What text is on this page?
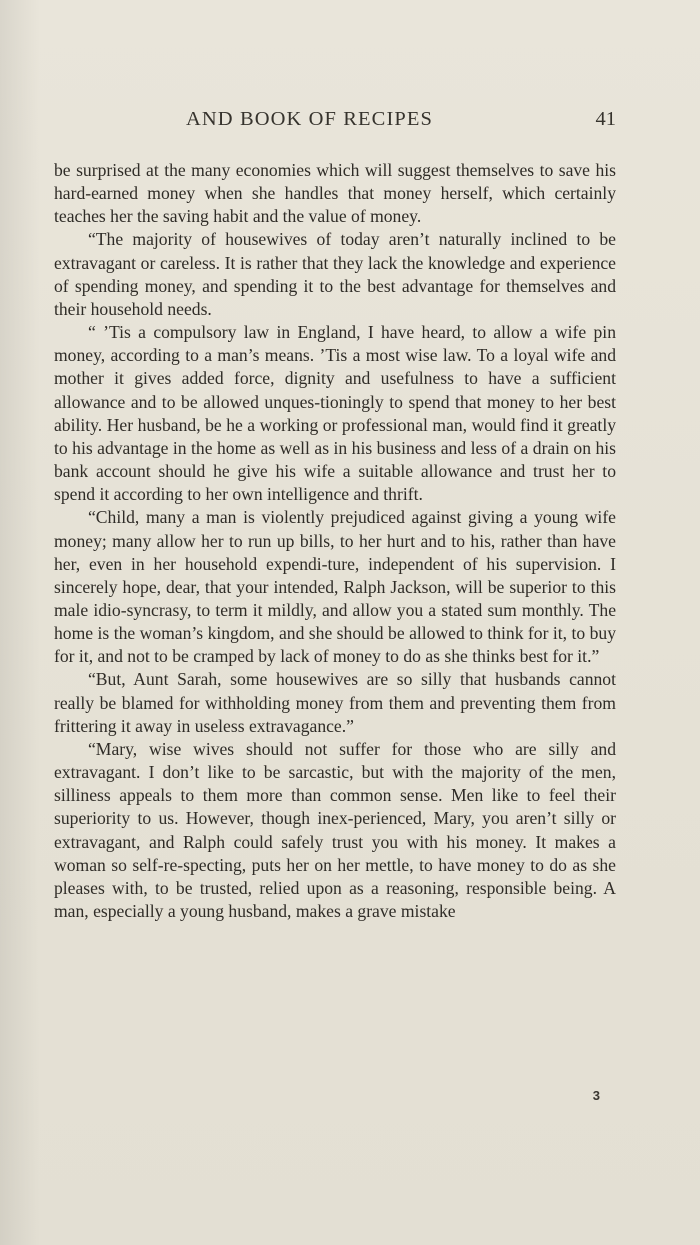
AND BOOK OF RECIPES	41

be surprised at the many economies which will suggest themselves to save his hard-earned money when she handles that money herself, which certainly teaches her the saving habit and the value of money.

“The majority of housewives of today aren’t naturally inclined to be extravagant or careless. It is rather that they lack the knowledge and experience of spending money, and spending it to the best advantage for themselves and their household needs.

“ ’Tis a compulsory law in England, I have heard, to allow a wife pin money, according to a man’s means. ’Tis a most wise law. To a loyal wife and mother it gives added force, dignity and usefulness to have a sufficient allowance and to be allowed unques-tioningly to spend that money to her best ability. Her husband, be he a working or professional man, would find it greatly to his advantage in the home as well as in his business and less of a drain on his bank account should he give his wife a suitable allowance and trust her to spend it according to her own intelligence and thrift.

“Child, many a man is violently prejudiced against giving a young wife money; many allow her to run up bills, to her hurt and to his, rather than have her, even in her household expendi-ture, independent of his supervision. I sincerely hope, dear, that your intended, Ralph Jackson, will be superior to this male idio-syncrasy, to term it mildly, and allow you a stated sum monthly. The home is the woman’s kingdom, and she should be allowed to think for it, to buy for it, and not to be cramped by lack of money to do as she thinks best for it.”

“But, Aunt Sarah, some housewives are so silly that husbands cannot really be blamed for withholding money from them and preventing them from frittering it away in useless extravagance.”

“Mary, wise wives should not suffer for those who are silly and extravagant. I don’t like to be sarcastic, but with the majority of the men, silliness appeals to them more than common sense. Men like to feel their superiority to us. However, though inex-perienced, Mary, you aren’t silly or extravagant, and Ralph could safely trust you with his money. It makes a woman so self-re-specting, puts her on her mettle, to have money to do as she pleases with, to be trusted, relied upon as a reasoning, responsible being. A man, especially a young husband, makes a grave mistake

3
